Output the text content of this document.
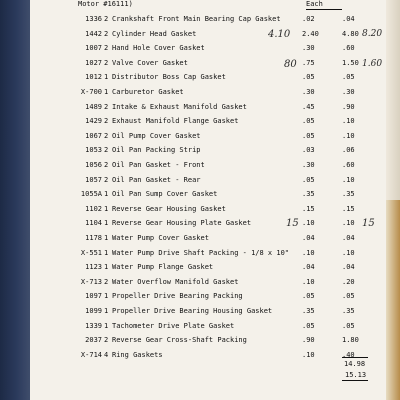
Motor #16111)	Each
1336 2 Crankshaft Front Main Bearing Cap Gasket	.02	.04
1442 2 Cylinder Head Gasket	2.40	4.80
1007 2 Hand Hole Cover Gasket	.30	.60
1027 2 Valve Cover Gasket	.75	1.50
1012 1 Distributor Boss Cap Gasket	.05	.05
X-700 1 Carburetor Gasket	.30	.30
1489 2 Intake & Exhaust Manifold Gasket	.45	.90
1429 2 Exhaust Manifold Flange Gasket	.05	.10
1067 2 Oil Pump Cover Gasket	.05	.10
1053 2 Oil Pan Packing Strip	.03	.06
1056 2 Oil Pan Gasket - Front	.30	.60
1057 2 Oil Pan Gasket - Rear	.05	.10
1055A 1 Oil Pan Sump Cover Gasket	.35	.35
1102 1 Reverse Gear Housing Gasket	.15	.15
1104 1 Reverse Gear Housing Plate Gasket	.10	.10
1178 1 Water Pump Cover Gasket	.04	.04
X-551 1 Water Pump Drive Shaft Packing - 1/8 x 10"	.10	.10
1123 1 Water Pump Flange Gasket	.04	.04
X-713 2 Water Overflow Manifold Gasket	.10	.20
1097 1 Propeller Drive Bearing Packing	.05	.05
1099 1 Propeller Drive Bearing Housing Gasket	.35	.35
1339 1 Tachometer Drive Plate Gasket	.05	.05
2037 2 Reverse Gear Cross-Shaft Packing	.90	1.80
X-714 4 Ring Gaskets	.10	.40
4.10	8.20
80	1.60
15	15
14.98
15.13
